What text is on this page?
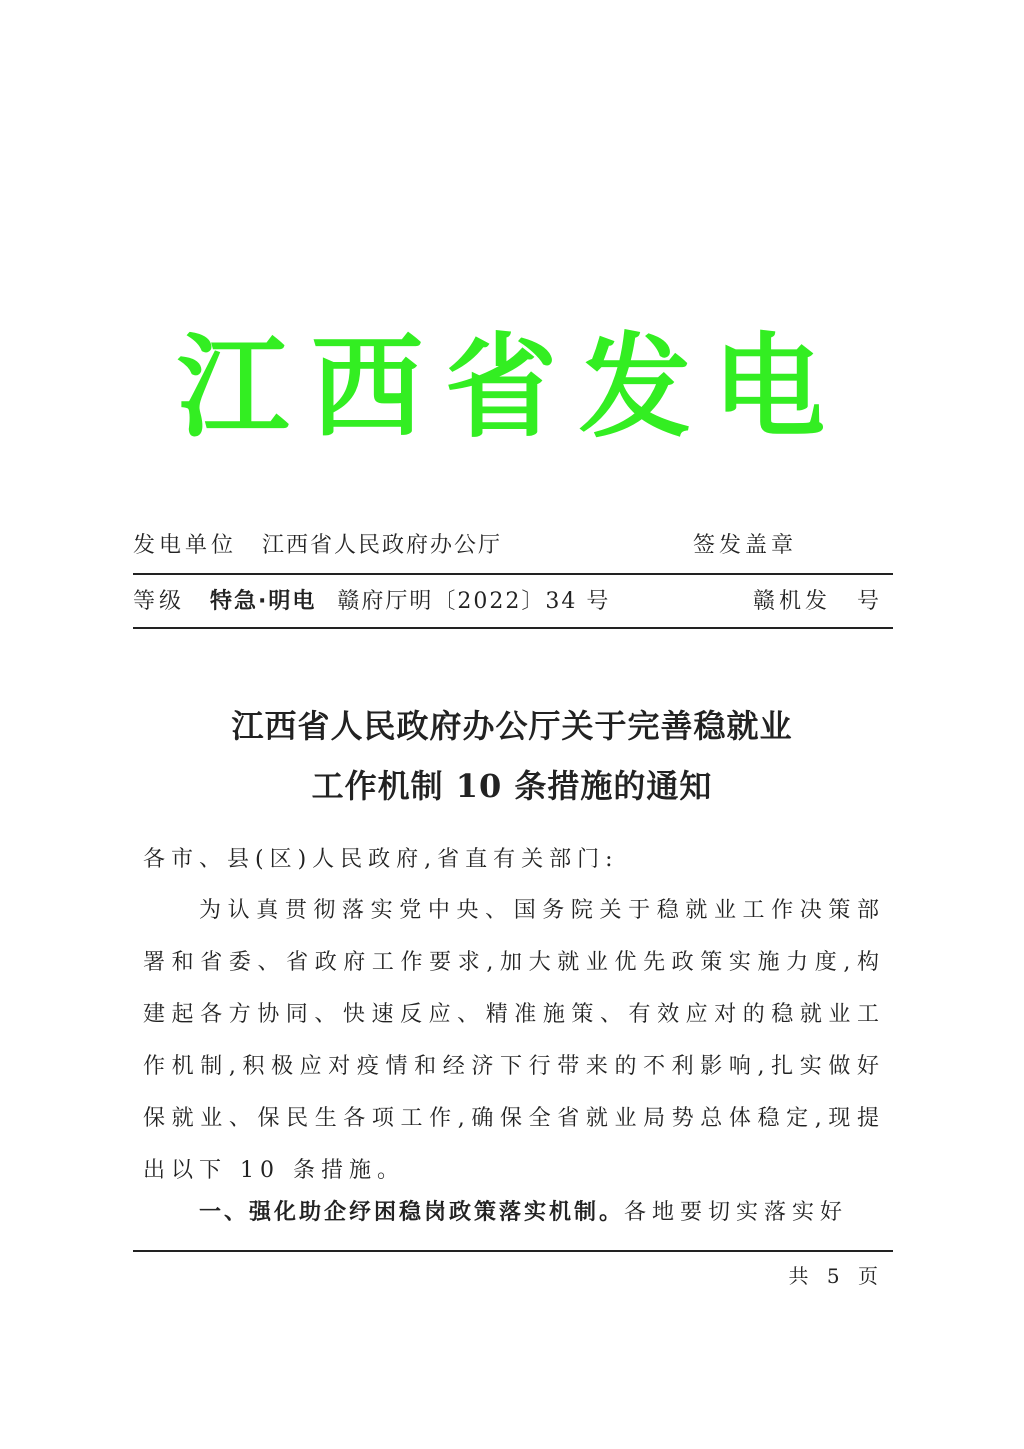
江西省发电
发电单位 江西省人民政府办公厅	签发盖章
等级 特急·明电 赣府厅明〔2022〕34 号	赣机发　号
江西省人民政府办公厅关于完善稳就业
工作机制 10 条措施的通知
各市、县(区)人民政府,省直有关部门:
为认真贯彻落实党中央、国务院关于稳就业工作决策部署和省委、省政府工作要求,加大就业优先政策实施力度,构建起各方协同、快速反应、精准施策、有效应对的稳就业工作机制,积极应对疫情和经济下行带来的不利影响,扎实做好保就业、保民生各项工作,确保全省就业局势总体稳定,现提出以下 10 条措施。
一、强化助企纾困稳岗政策落实机制。各地要切实落实好
共 5 页
